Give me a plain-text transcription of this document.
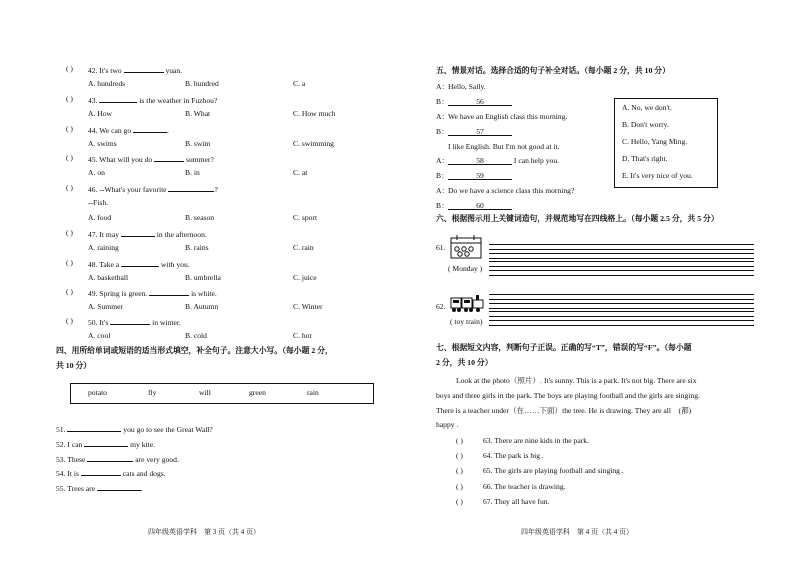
( ) 42. It's two	yuan.
A. hundreds	B. hundred	C. a
( ) 43.	is the weather in Fuzhou?
A. How	B. What	C. How much
( ) 44. We can go	.
A. swims	B. swim	C. swimming
( ) 45. What will you do	summer?
A. on	B. in	C. at
( ) 46. --What's your favorite	?
--Fish.
A. food	B. season	C. sport
( ) 47. It may	in the afternoon.
A. raining	B. rains	C. rain
( ) 48. Take a	with you.
A. basketball	B. umbrella	C. juice
( ) 49. Spring is green.	is white.
A. Summer	B. Autumn	C. Winter
( ) 50. It's	in winter.
A. cool	B. cold	C. hot
四、用所给单词或短语的适当形式填空，补全句子。注意大小写。（每小题 2 分，
共 10 分）
potato	fly	will	green	rain
51.	you go to see the Great Wall?
52. I can	my kite.
53. These	are very good.
54. It is	cats and dogs.
55. Trees are	.
四年级英语学科　第 3 页（共 4 页）
五、情景对话。选择合适的句子补全对话。（每小题 2 分，共 10 分）
A：Hello, Sally.
B：	56
A：We have an English class this morning.
B：	57
I like English. But I'm not good at it.
A：	58	I can help you.
B：	59
A：Do we have a science class this morning?
B：	60
A. No, we don't.
B. Don't worry.
C. Hello, Yang Ming.
D. That's right.
E. It's very nice of you.
六、根据图示用上关键词造句，并规范地写在四线格上。（每小题 2.5 分，共 5 分）
61.
( Monday )
62.
( toy train)
七、根据短文内容，判断句子正误。正确的写“T”，错误的写“F”。（每小题
2 分，共 10 分）
Look at the photo（照片）. It's sunny. This is a park. It's not big. There are six
boys and three girls in the park. The boys are playing football and the girls are singing.
There is a teacher under（在……下面）the tree. He is drawing. They are all　(都)
happy .
( )	63. There are nine kids in the park.
( )	64. The park is big .
( )	65. The girls are playing football and singing .
( )	66. The teacher is drawing.
( )	67. They all have fun.
四年级英语学科　第 4 页（共 4 页）
